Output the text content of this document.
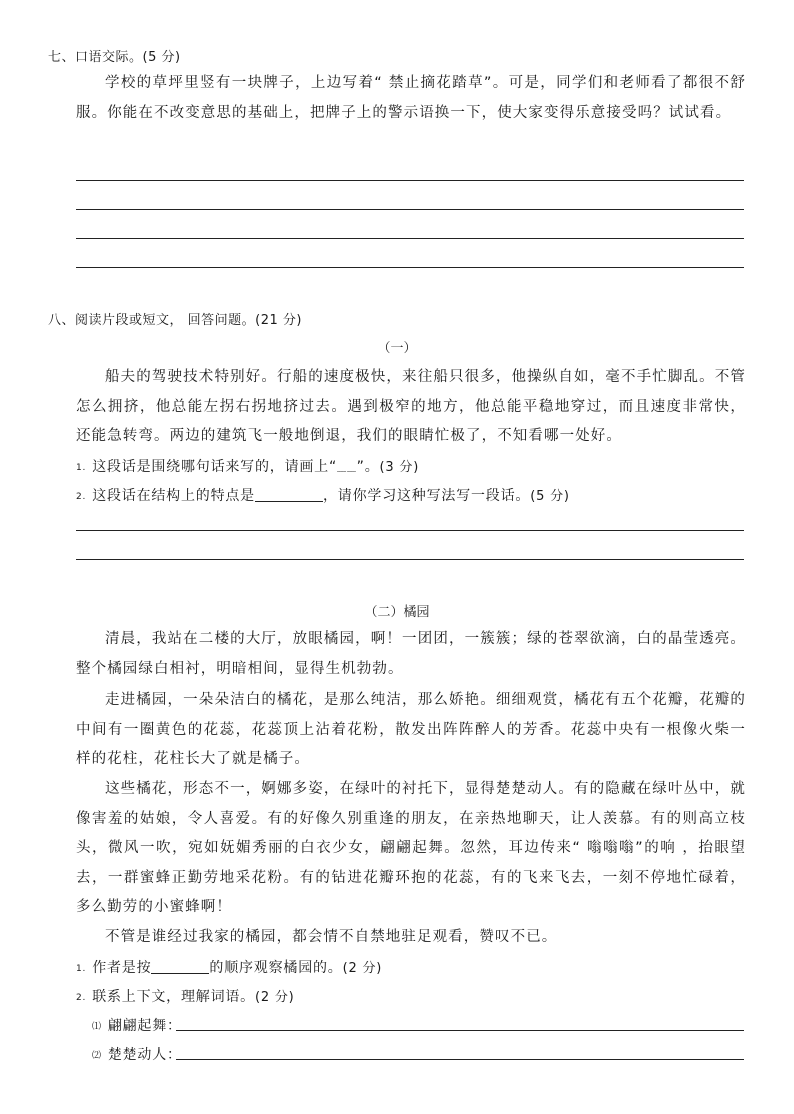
七、口语交际。(5 分)
学校的草坪里竖有一块牌子，上边写着“ 禁止摘花踏草”。可是，同学们和老师看了都很不舒服。你能在不改变意思的基础上，把牌子上的警示语换一下，使大家变得乐意接受吗？试试看。
八、阅读片段或短文， 回答问题。(21 分)
（一）
船夫的驾驶技术特别好。行船的速度极快，来往船只很多，他操纵自如，毫不手忙脚乱。不管怎么拥挤，他总能左拐右拐地挤过去。遇到极窄的地方，他总能平稳地穿过，而且速度非常快，还能急转弯。两边的建筑飞一般地倒退，我们的眼睛忙极了，不知看哪一处好。
1. 这段话是围绕哪句话来写的，请画上“﹏﹏”。(3 分)
2. 这段话在结构上的特点是	，请你学习这种写法写一段话。(5 分)
（二）橘园
清晨，我站在二楼的大厅，放眼橘园，啊！一团团，一簇簇；绿的苍翠欲滴，白的晶莹透亮。整个橘园绿白相衬，明暗相间，显得生机勃勃。
走进橘园，一朵朵洁白的橘花，是那么纯洁，那么娇艳。细细观赏，橘花有五个花瓣，花瓣的中间有一圈黄色的花蕊，花蕊顶上沾着花粉，散发出阵阵醉人的芳香。花蕊中央有一根像火柴一样的花柱，花柱长大了就是橘子。
这些橘花，形态不一，婀娜多姿，在绿叶的衬托下，显得楚楚动人。有的隐藏在绿叶丛中，就像害羞的姑娘，令人喜爱。有的好像久别重逢的朋友，在亲热地聊天，让人羡慕。有的则高立枝头，微风一吹，宛如妩媚秀丽的白衣少女，翩翩起舞。忽然，耳边传来“ 嗡嗡嗡”的响 ，抬眼望去，一群蜜蜂正勤劳地采花粉。有的钻进花瓣环抱的花蕊，有的飞来飞去，一刻不停地忙碌着，多么勤劳的小蜜蜂啊！
不管是谁经过我家的橘园，都会情不自禁地驻足观看，赞叹不已。
1. 作者是按	的顺序观察橘园的。(2 分)
2. 联系上下文，理解词语。(2 分)
⑴ 翩翩起舞：
⑵ 楚楚动人：
